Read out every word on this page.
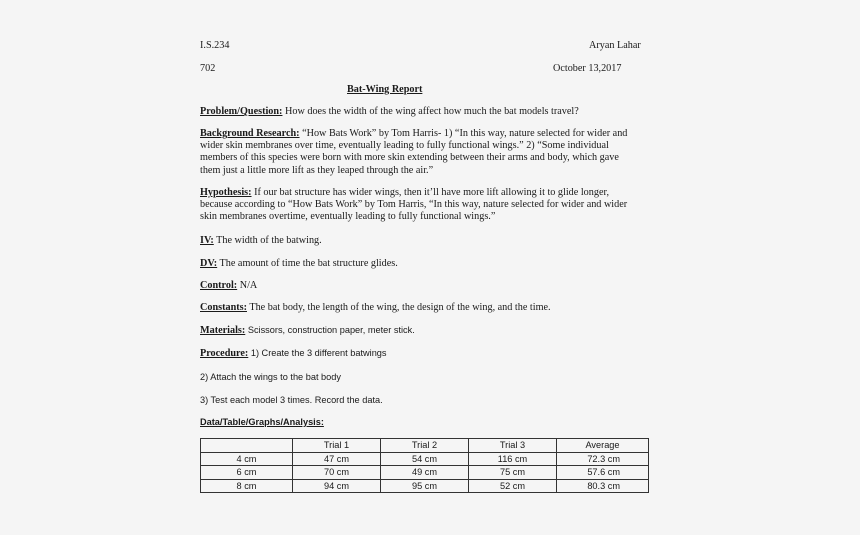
I.S.234	Aryan Lahar
702	October 13,2017
Bat-Wing Report
Problem/Question: How does the width of the wing affect how much the bat models travel?
Background Research: “How Bats Work” by Tom Harris- 1) “In this way, nature selected for wider and
wider skin membranes over time, eventually leading to fully functional wings.” 2) “Some individual
members of this species were born with more skin extending between their arms and body, which gave
them just a little more lift as they leaped through the air.”
Hypothesis: If our bat structure has wider wings, then it’ll have more lift allowing it to glide longer,
because according to “How Bats Work” by Tom Harris, “In this way, nature selected for wider and wider
skin membranes overtime, eventually leading to fully functional wings.”
IV: The width of the batwing.
DV: The amount of time the bat structure glides.
Control: N/A
Constants: The bat body, the length of the wing, the design of the wing, and the time.
Materials: Scissors, construction paper, meter stick.
Procedure: 1) Create the 3 different batwings
2) Attach the wings to the bat body
3) Test each model 3 times. Record the data.
Data/Table/Graphs/Analysis:
	Trial 1	Trial 2	Trial 3	Average
4 cm	47 cm	54 cm	116 cm	72.3 cm
6 cm	70 cm	49 cm	75 cm	57.6 cm
8 cm	94 cm	95 cm	52 cm	80.3 cm
